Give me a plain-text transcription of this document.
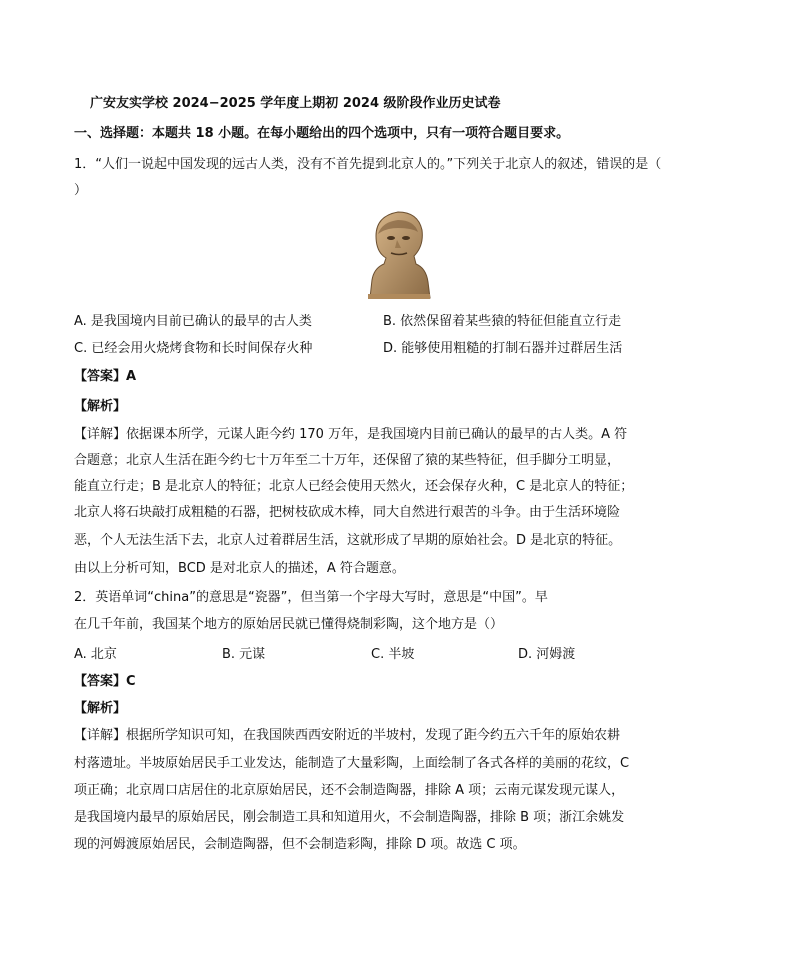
广安友实学校 2024−2025 学年度上期初 2024 级阶段作业历史试卷
一、选择题：本题共 18 小题。在每小题给出的四个选项中，只有一项符合题目要求。
1．“人们一说起中国发现的远古人类，没有不首先提到北京人的。”下列关于北京人的叙述，错误的是（
）
A. 是我国境内目前已确认的最早的古人类	B. 依然保留着某些猿的特征但能直立行走
C. 已经会用火烧烤食物和长时间保存火种	D. 能够使用粗糙的打制石器并过群居生活
【答案】A
【解析】
【详解】依据课本所学，元谋人距今约 170 万年，是我国境内目前已确认的最早的古人类。A 符
合题意；北京人生活在距今约七十万年至二十万年，还保留了猿的某些特征，但手脚分工明显，
能直立行走；B 是北京人的特征；北京人已经会使用天然火，还会保存火种，C 是北京人的特征；
北京人将石块敲打成粗糙的石器，把树枝砍成木棒，同大自然进行艰苦的斗争。由于生活环境险
恶，个人无法生活下去，北京人过着群居生活，这就形成了早期的原始社会。D 是北京的特征。
由以上分析可知，BCD 是对北京人的描述，A 符合题意。
2．英语单词“china”的意思是“瓷器”，但当第一个字母大写时，意思是“中国”。早
在几千年前，我国某个地方的原始居民就已懂得烧制彩陶，这个地方是（）
A. 北京	B. 元谋	C. 半坡	D. 河姆渡
【答案】C
【解析】
【详解】根据所学知识可知，在我国陕西西安附近的半坡村，发现了距今约五六千年的原始农耕
村落遗址。半坡原始居民手工业发达，能制造了大量彩陶，上面绘制了各式各样的美丽的花纹，C
项正确；北京周口店居住的北京原始居民，还不会制造陶器，排除 A 项；云南元谋发现元谋人，
是我国境内最早的原始居民，刚会制造工具和知道用火，不会制造陶器，排除 B 项；浙江余姚发
现的河姆渡原始居民，会制造陶器，但不会制造彩陶，排除 D 项。故选 C 项。
